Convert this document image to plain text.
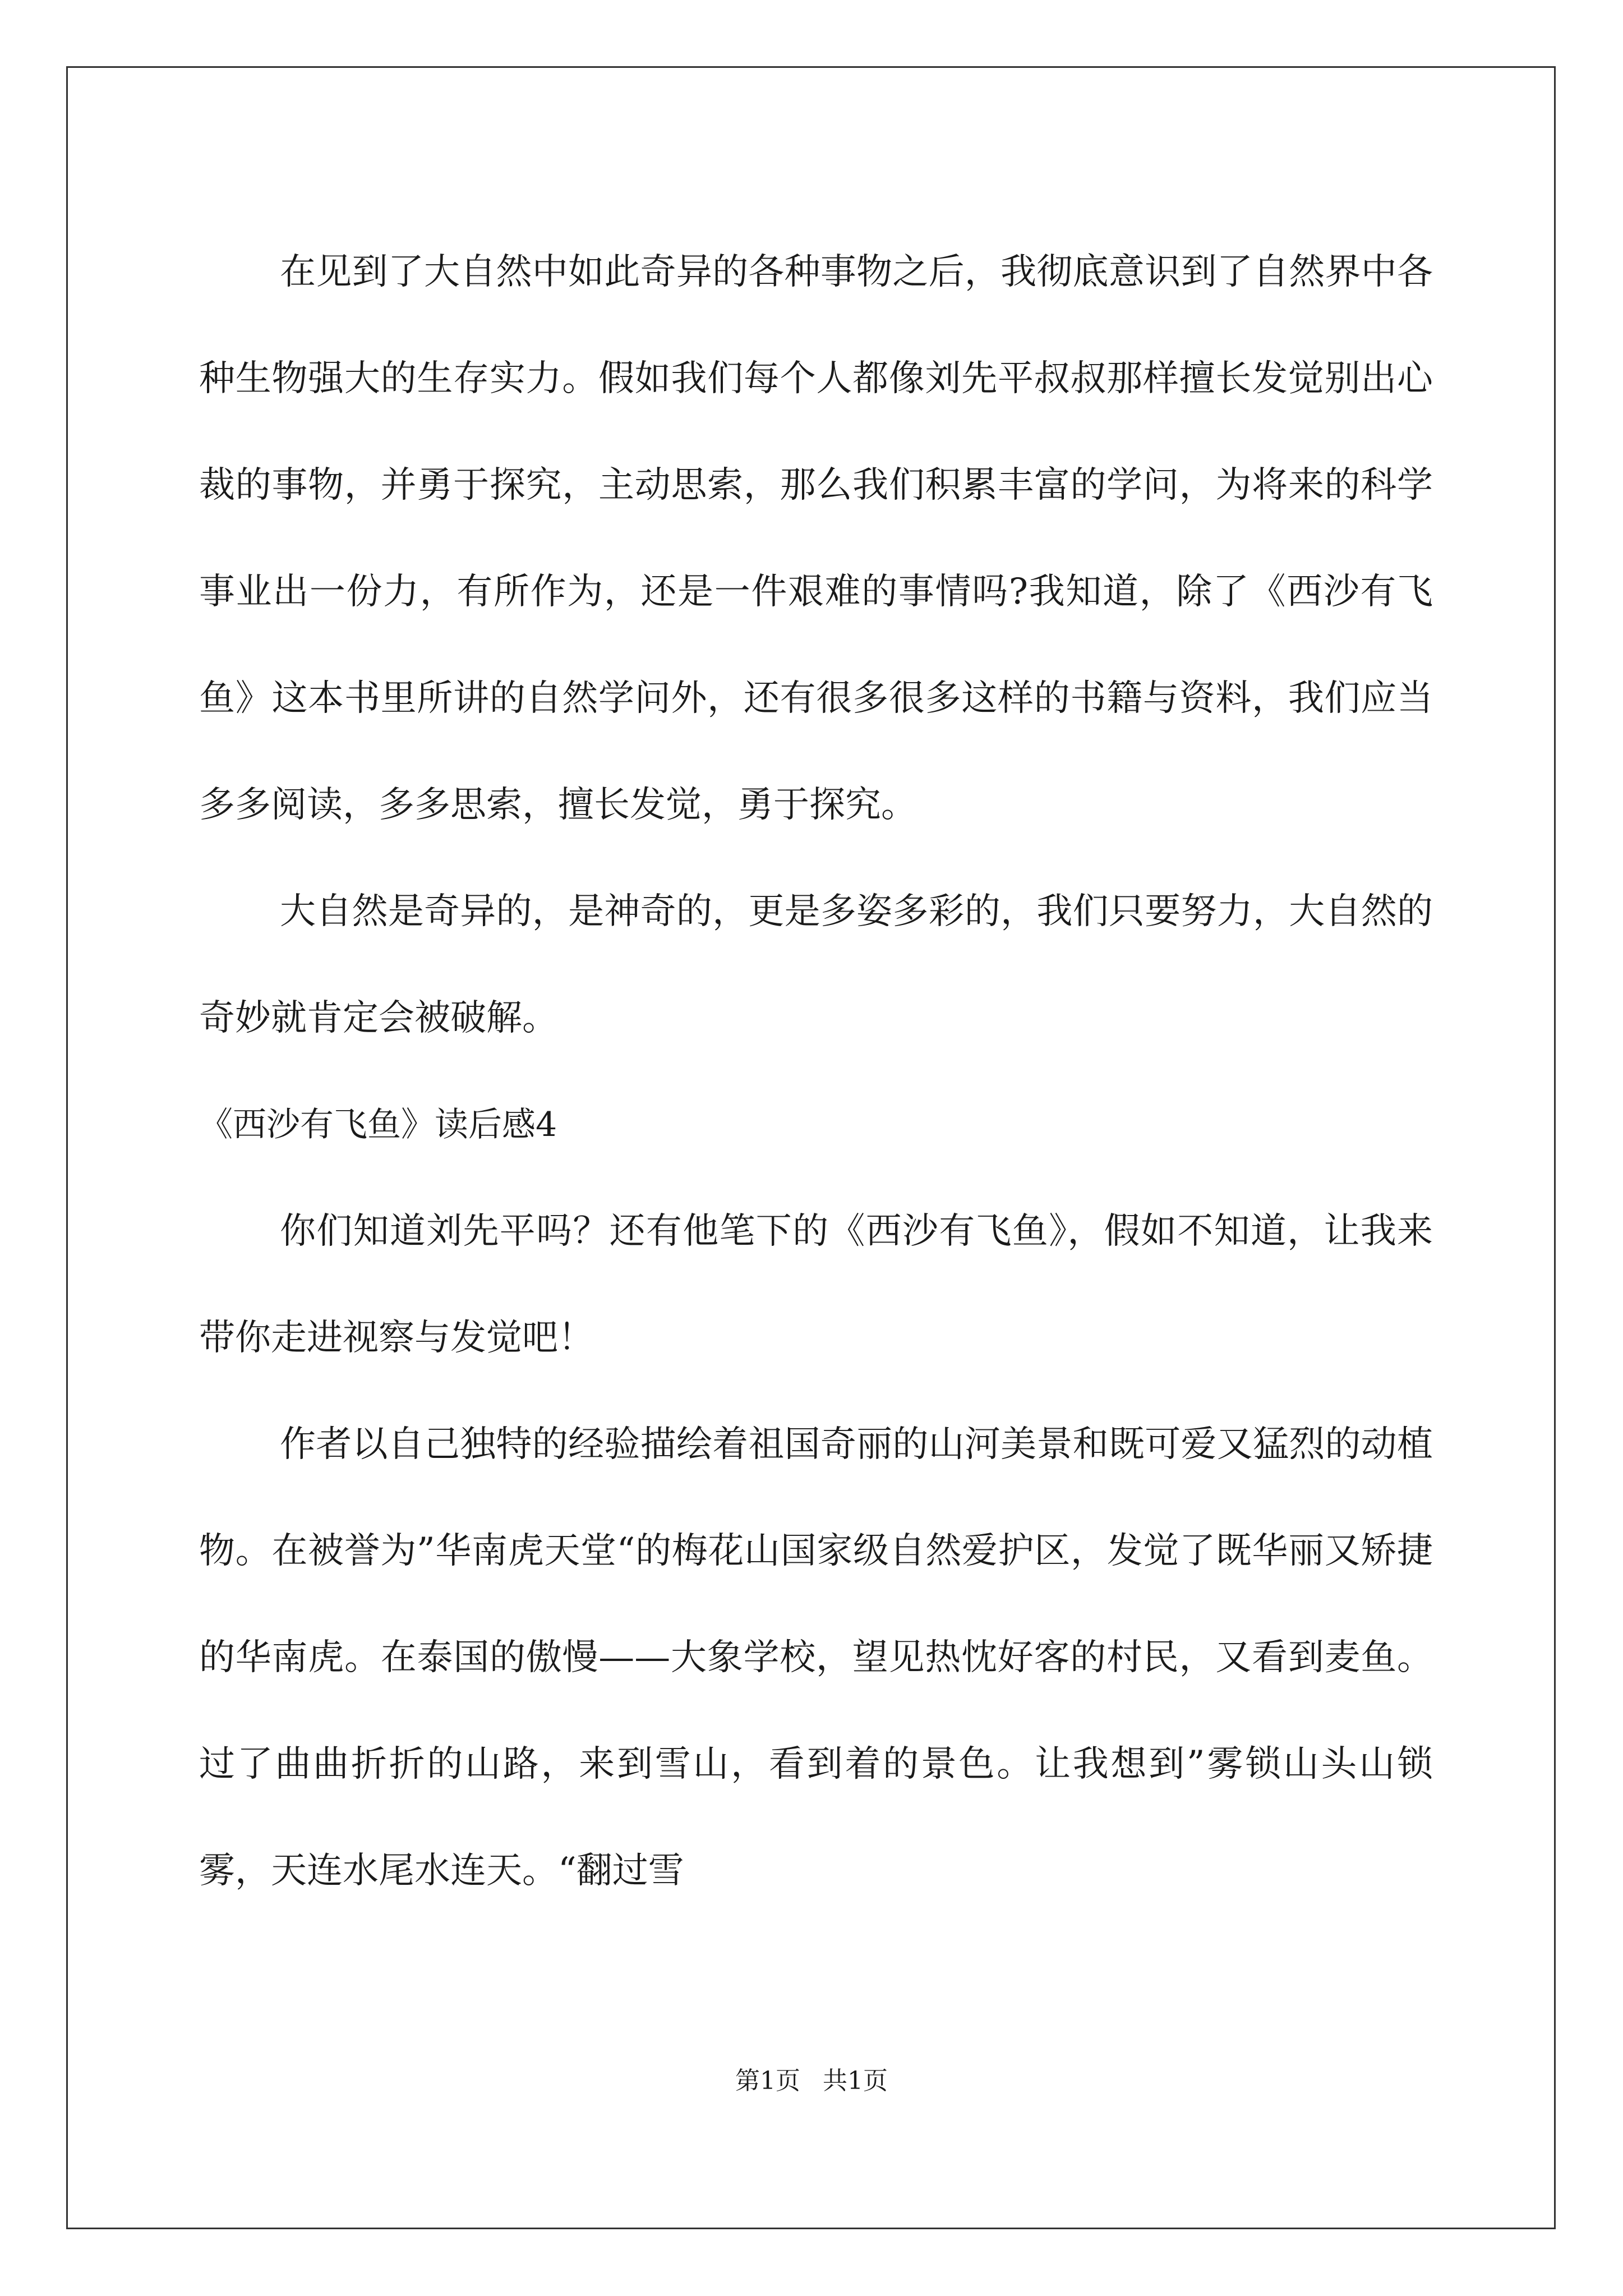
在见到了大自然中如此奇异的各种事物之后，我彻底意识到了自然界中各种生物强大的生存实力。假如我们每个人都像刘先平叔叔那样擅长发觉别出心裁的事物，并勇于探究，主动思索，那么我们积累丰富的学问，为将来的科学事业出一份力，有所作为，还是一件艰难的事情吗?我知道，除了《西沙有飞鱼》这本书里所讲的自然学问外，还有很多很多这样的书籍与资料，我们应当多多阅读，多多思索，擅长发觉，勇于探究。

大自然是奇异的，是神奇的，更是多姿多彩的，我们只要努力，大自然的奇妙就肯定会被破解。

《西沙有飞鱼》读后感4

你们知道刘先平吗？还有他笔下的《西沙有飞鱼》，假如不知道，让我来带你走进视察与发觉吧！

作者以自己独特的经验描绘着祖国奇丽的山河美景和既可爱又猛烈的动植物。在被誉为”华南虎天堂“的梅花山国家级自然爱护区，发觉了既华丽又矫捷的华南虎。在泰国的傲慢——大象学校，望见热忱好客的村民，又看到麦鱼。过了曲曲折折的山路，来到雪山，看到着的景色。让我想到”雾锁山头山锁雾，天连水尾水连天。“翻过雪

第1页 共1页
